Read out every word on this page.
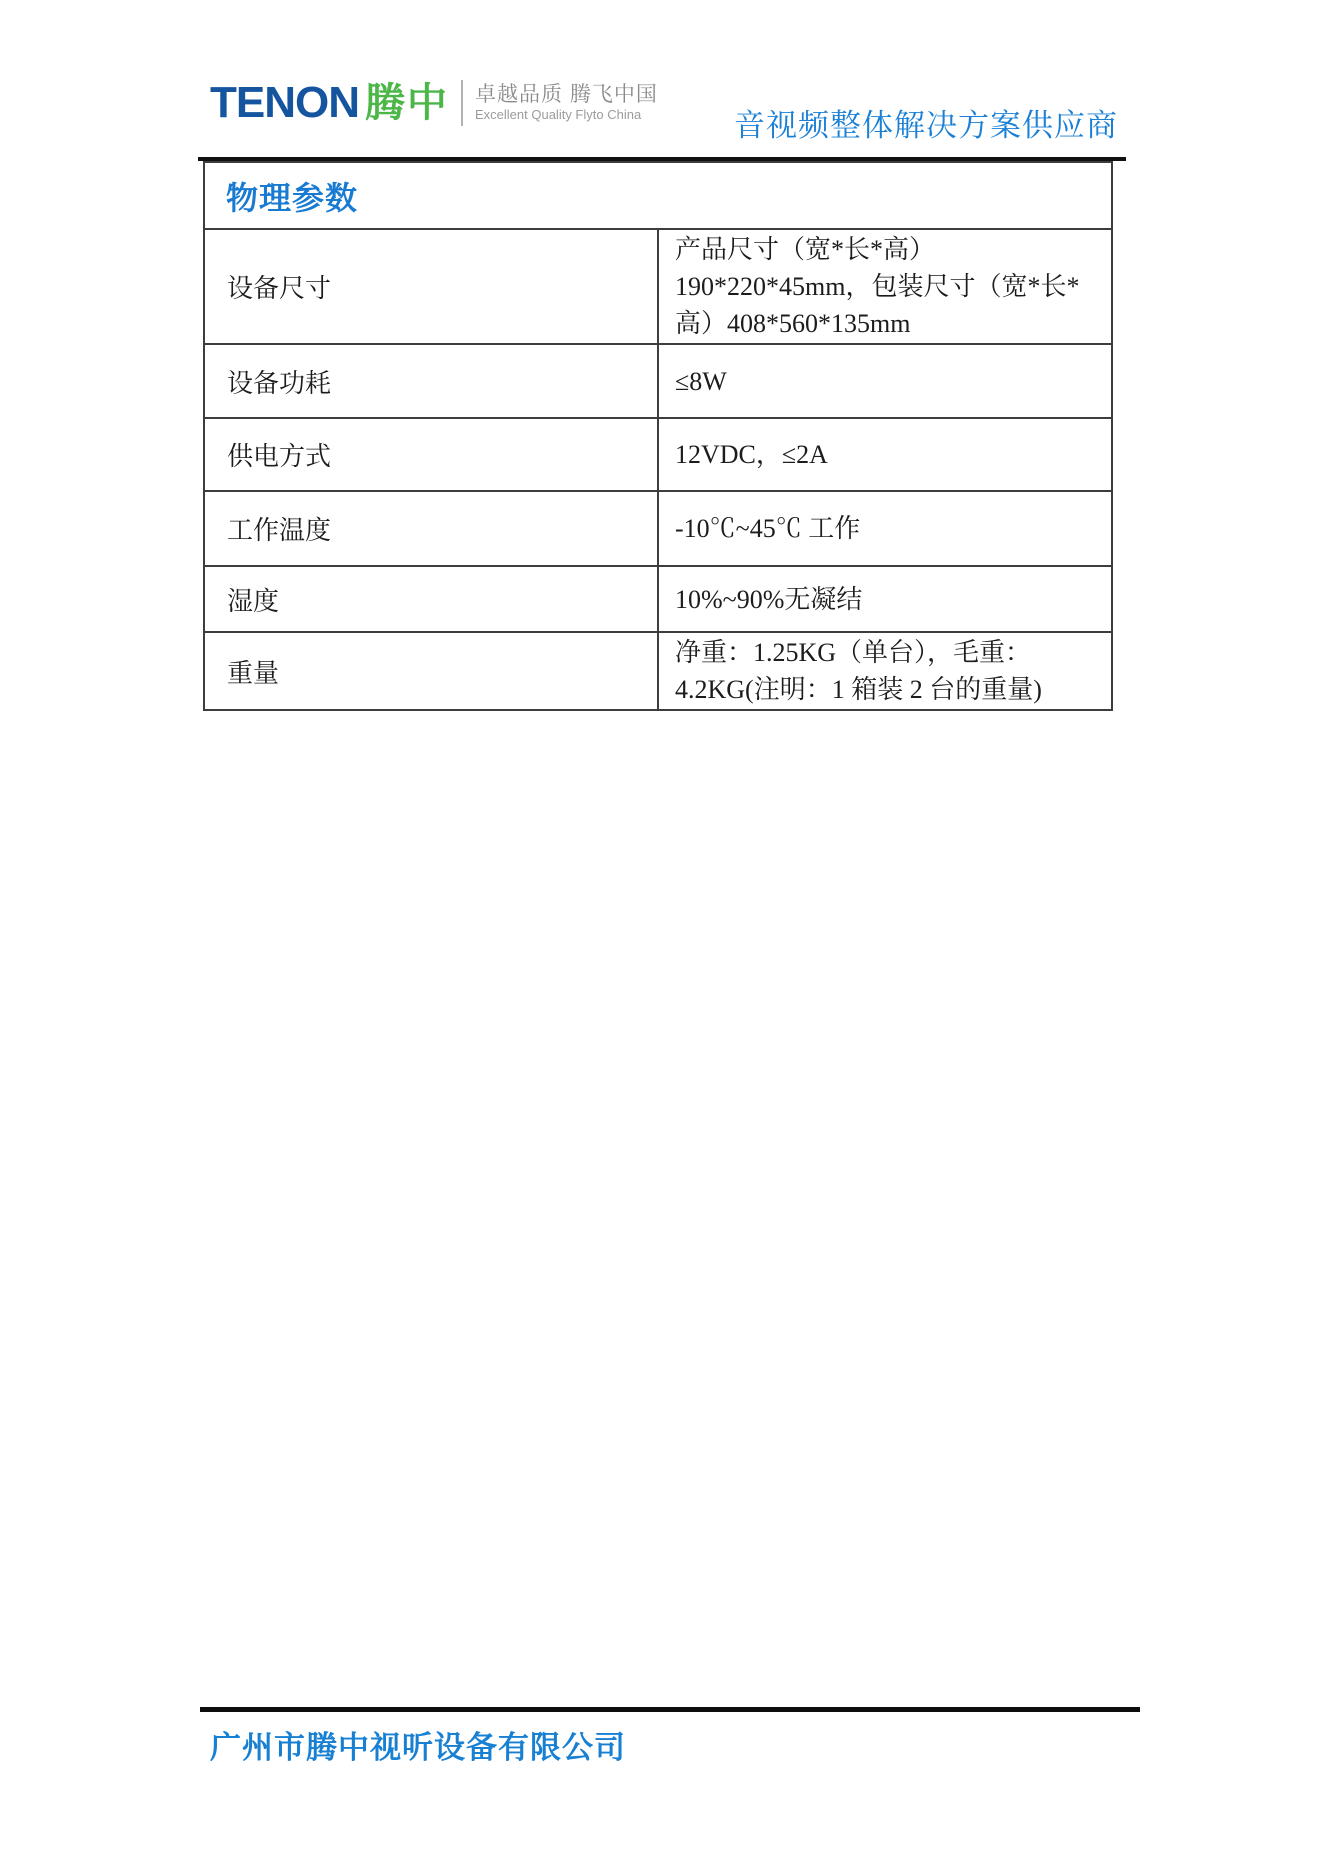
TENON 腾中 卓越品质 腾飞中国
Excellent Quality Flyto China	音视频整体解决方案供应商
物理参数	
设备尺寸	产品尺寸（宽*长*高）190*220*45mm，包装尺寸（宽*长*高）408*560*135mm
设备功耗	≤8W
供电方式	12VDC，≤2A
工作温度	-10℃~45℃ 工作
湿度	10%~90%无凝结
重量	净重：1.25KG（单台），毛重：4.2KG(注明：1 箱装 2 台的重量)
广州市腾中视听设备有限公司
